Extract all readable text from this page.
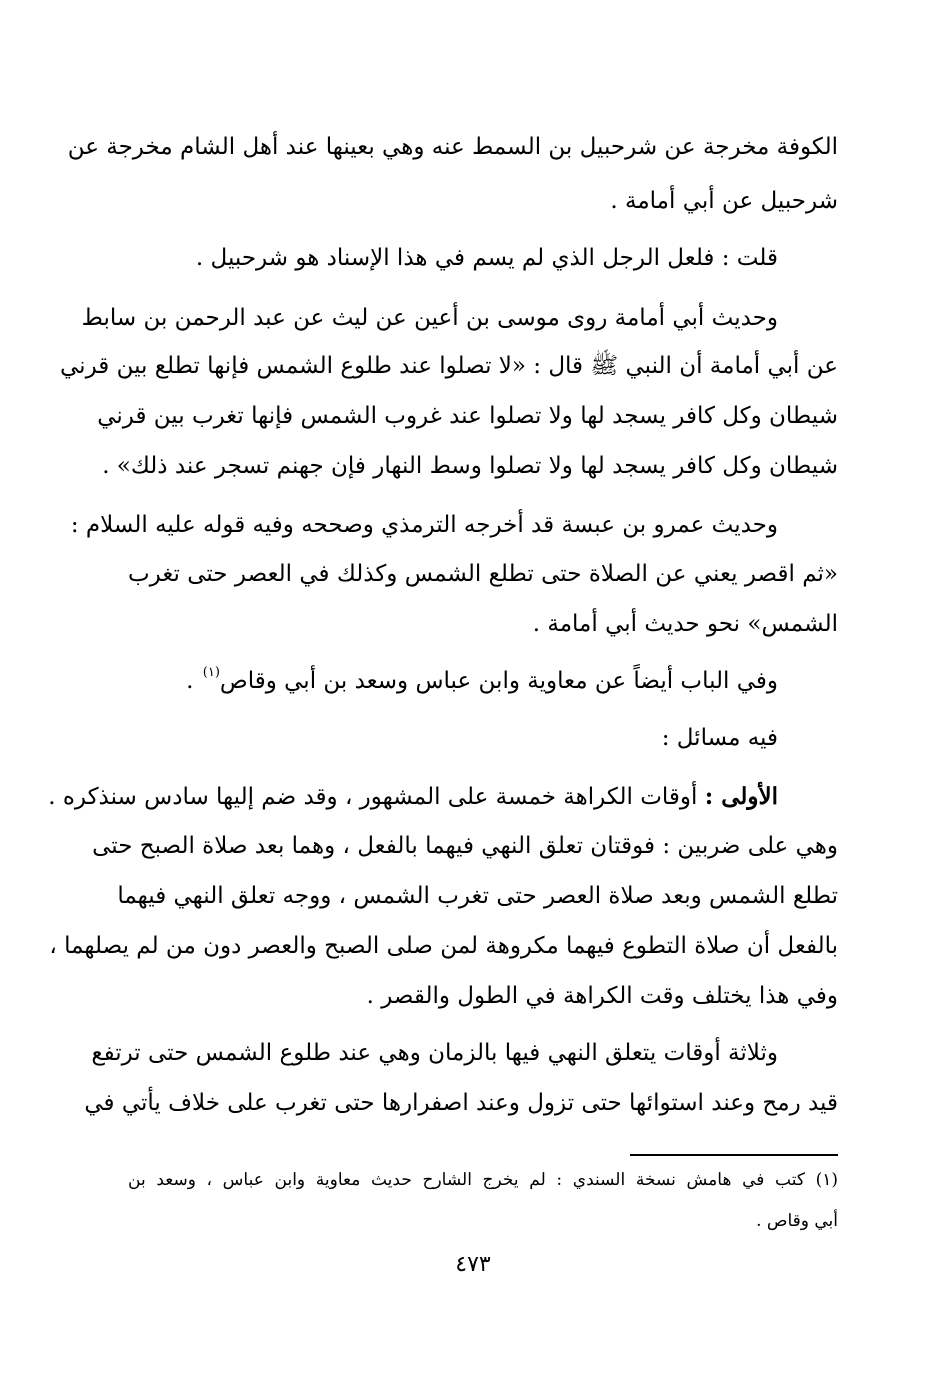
الكوفة مخرجة عن شرحبيل بن السمط عنه وهي بعينها عند أهل الشام مخرجة عن
شرحبيل عن أبي أمامة .
قلت : فلعل الرجل الذي لم يسم في هذا الإسناد هو شرحبيل .
وحديث أبي أمامة روى موسى بن أعين عن ليث عن عبد الرحمن بن سابط
عن أبي أمامة أن النبي ﷺ قال : «لا تصلوا عند طلوع الشمس فإنها تطلع بين قرني
شيطان وكل كافر يسجد لها ولا تصلوا عند غروب الشمس فإنها تغرب بين قرني
شيطان وكل كافر يسجد لها ولا تصلوا وسط النهار فإن جهنم تسجر عند ذلك» .
وحديث عمرو بن عبسة قد أخرجه الترمذي وصححه وفيه قوله عليه السلام :
«ثم اقصر يعني عن الصلاة حتى تطلع الشمس وكذلك في العصر حتى تغرب
الشمس» نحو حديث أبي أمامة .
وفي الباب أيضاً عن معاوية وابن عباس وسعد بن أبي وقاص$^{(١)}$ .
فيه مسائل :
الأولى : أوقات الكراهة خمسة على المشهور ، وقد ضم إليها سادس سنذكره .
وهي على ضربين : فوقتان تعلق النهي فيهما بالفعل ، وهما بعد صلاة الصبح حتى
تطلع الشمس وبعد صلاة العصر حتى تغرب الشمس ، ووجه تعلق النهي فيهما
بالفعل أن صلاة التطوع فيهما مكروهة لمن صلى الصبح والعصر دون من لم يصلهما ،
وفي هذا يختلف وقت الكراهة في الطول والقصر .
وثلاثة أوقات يتعلق النهي فيها بالزمان وهي عند طلوع الشمس حتى ترتفع
قيد رمح وعند استوائها حتى تزول وعند اصفرارها حتى تغرب على خلاف يأتي في
(١) كتب في هامش نسخة السندي : لم يخرج الشارح حديث معاوية وابن عباس ، وسعد بن
أبي وقاص .
٤٧٣
